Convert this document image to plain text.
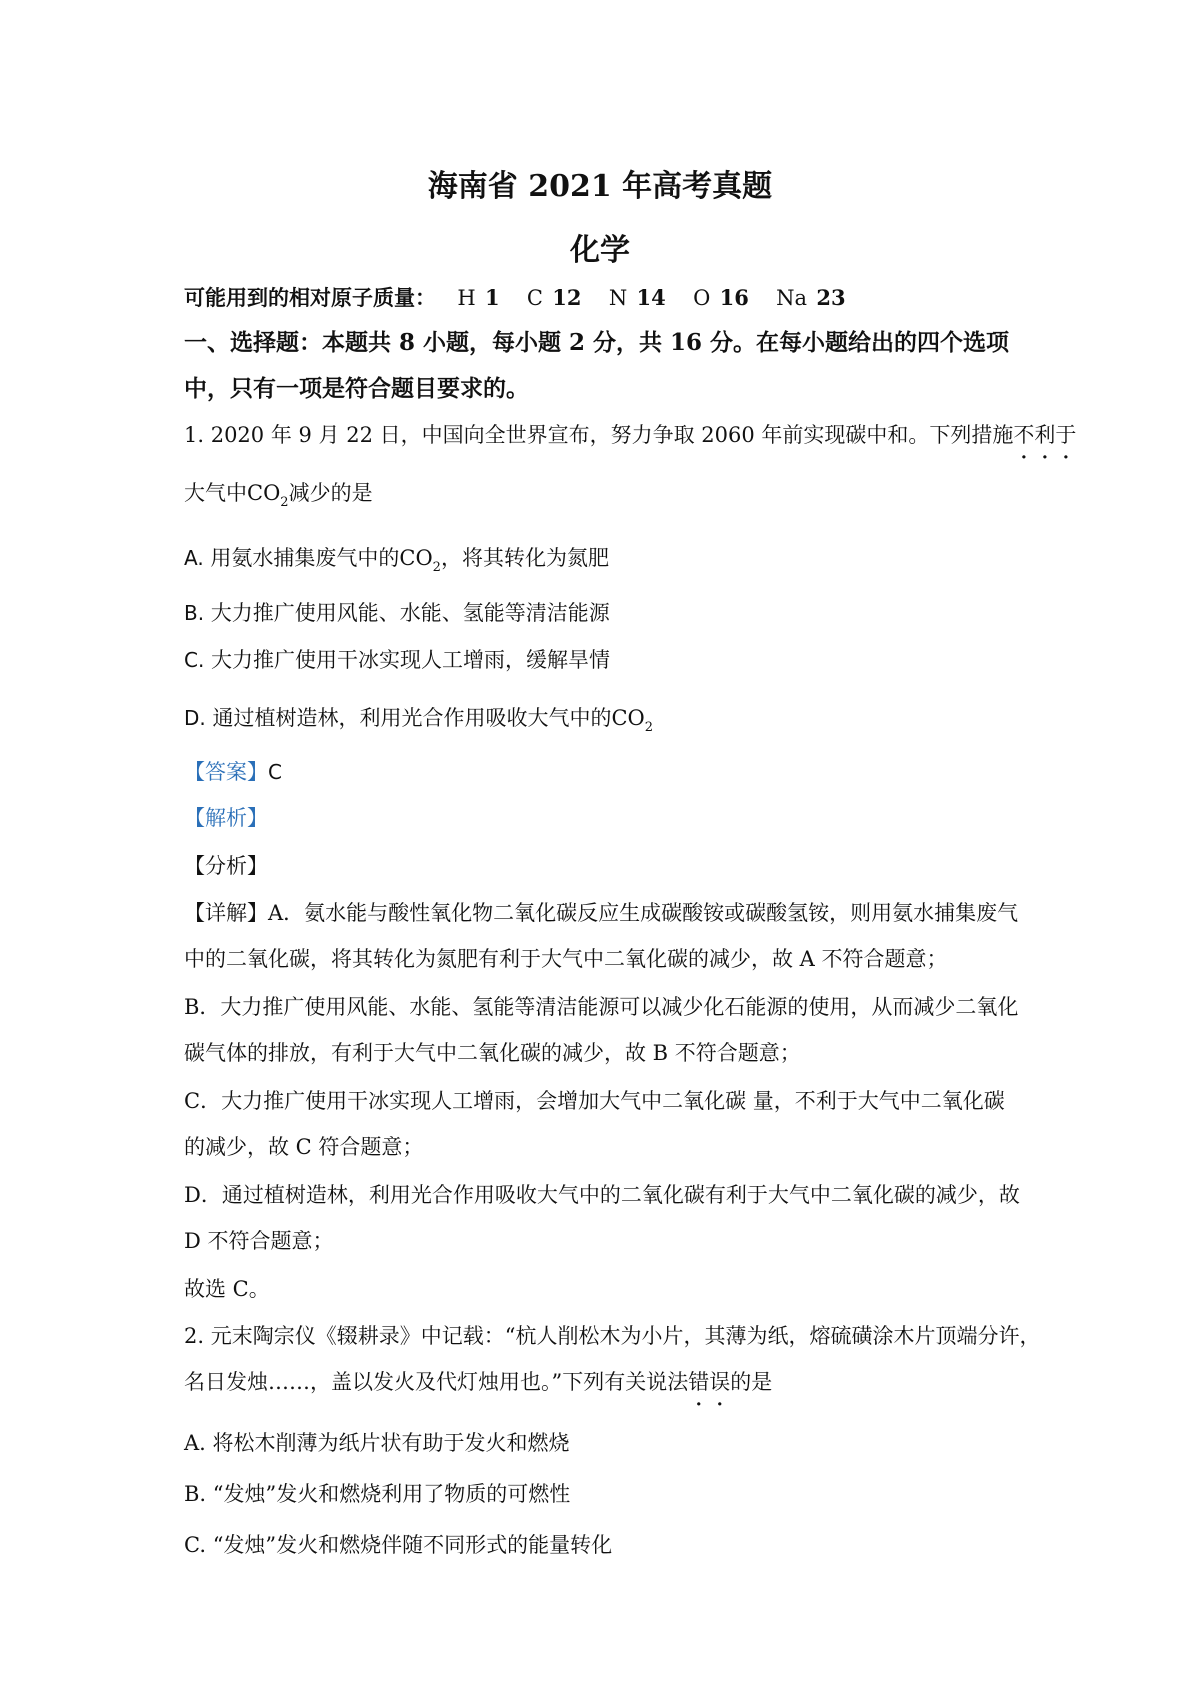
海南省 2021 年高考真题
化学
可能用到的相对原子质量： H 1 C 12 N 14 O 16 Na 23
一、选择题：本题共 8 小题，每小题 2 分，共 16 分。在每小题给出的四个选项
中，只有一项是符合题目要求的。
1. 2020 年 9 月 22 日，中国向全世界宣布，努力争取 2060 年前实现碳中和。下列措施不利于
大气中$CO_2$减少的是
A. 用氨水捕集废气中的$CO_2$，将其转化为氮肥
B. 大力推广使用风能、水能、氢能等清洁能源
C. 大力推广使用干冰实现人工增雨，缓解旱情
D. 通过植树造林，利用光合作用吸收大气中的$CO_2$
【答案】C
【解析】
【分析】
【详解】A．氨水能与酸性氧化物二氧化碳反应生成碳酸铵或碳酸氢铵，则用氨水捕集废气
中的二氧化碳，将其转化为氮肥有利于大气中二氧化碳的减少，故 A 不符合题意；
B．大力推广使用风能、水能、氢能等清洁能源可以减少化石能源的使用，从而减少二氧化
碳气体的排放，有利于大气中二氧化碳的减少，故 B 不符合题意；
C．大力推广使用干冰实现人工增雨，会增加大气中二氧化碳 量，不利于大气中二氧化碳
的减少，故 C 符合题意；
D．通过植树造林，利用光合作用吸收大气中的二氧化碳有利于大气中二氧化碳的减少，故
D 不符合题意；
故选 C。
2. 元末陶宗仪《辍耕录》中记载：“杭人削松木为小片，其薄为纸，熔硫磺涂木片顶端分许，
名日发烛……，盖以发火及代灯烛用也。”下列有关说法错误的是
A. 将松木削薄为纸片状有助于发火和燃烧
B. “发烛”发火和燃烧利用了物质的可燃性
C. “发烛”发火和燃烧伴随不同形式的能量转化
